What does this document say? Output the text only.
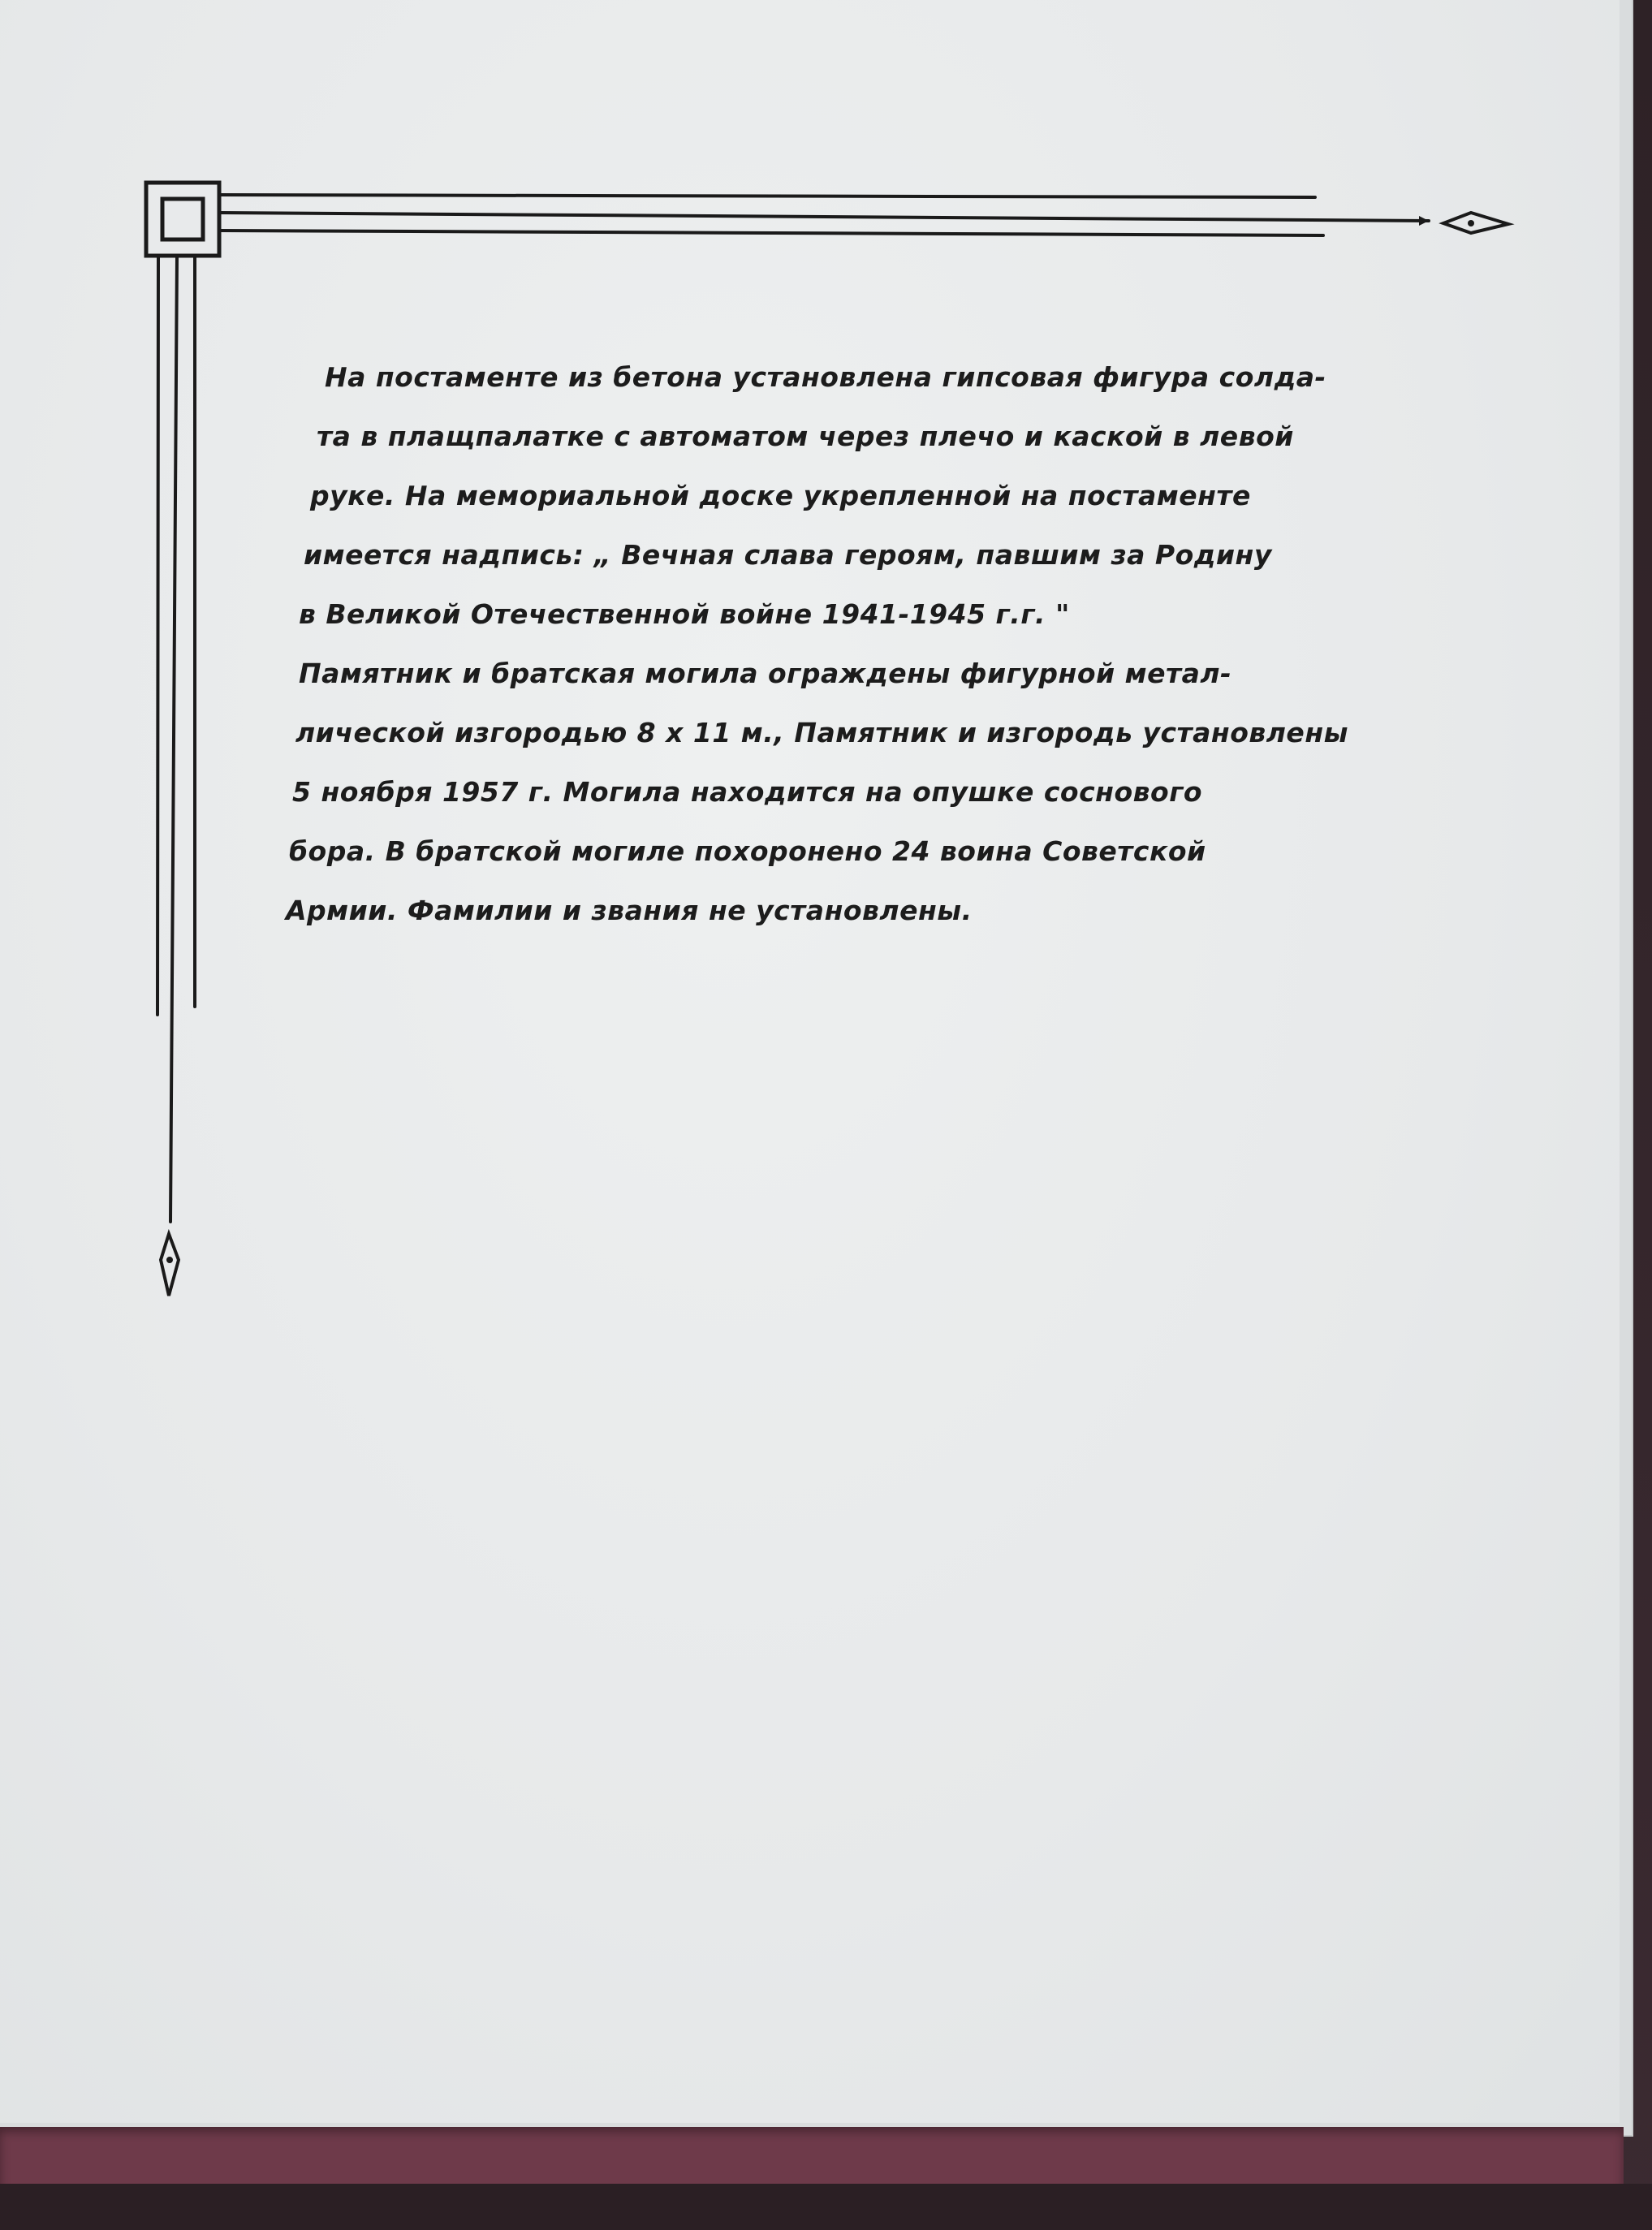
На постаменте из бетона установлена гипсовая фигура солда-
та в плащпалатке с автоматом через плечо и каской в левой
руке. На мемориальной доске укрепленной на постаменте
имеется надпись: „ Вечная слава героям, павшим за Родину
в Великой Отечественной войне 1941-1945 г.г. "
Памятник и братская могила ограждены фигурной метал-
лической изгородью 8 х 11 м., Памятник и изгородь установлены
5 ноября 1957 г. Могила находится на опушке соснового
бора. В братской могиле похоронено 24 воина Советской
Армии. Фамилии и звания не установлены.
